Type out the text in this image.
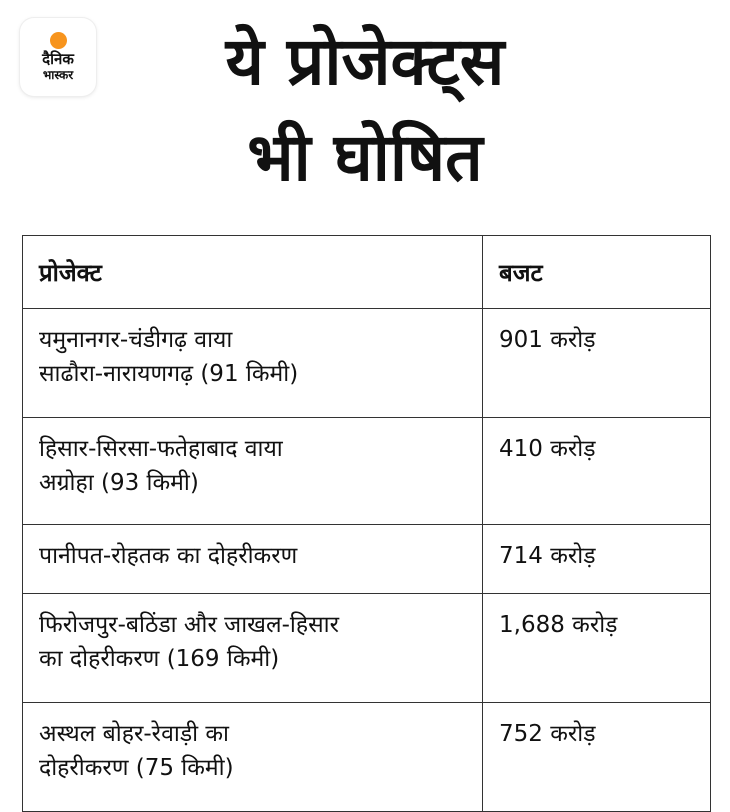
दैनिक
भास्कर	ये प्रोजेक्ट्स
भी घोषित
प्रोजेक्ट	बजट

यमुनानगर-चंडीगढ़ वाया
साढौरा-नारायणगढ़ (91 किमी)	901 करोड़

हिसार-सिरसा-फतेहाबाद वाया
अग्रोहा (93 किमी)	410 करोड़

पानीपत-रोहतक का दोहरीकरण	714 करोड़

फिरोजपुर-बठिंडा और जाखल-हिसार
का दोहरीकरण (169 किमी)	1,688 करोड़

अस्थल बोहर-रेवाड़ी का
दोहरीकरण (75 किमी)	752 करोड़
